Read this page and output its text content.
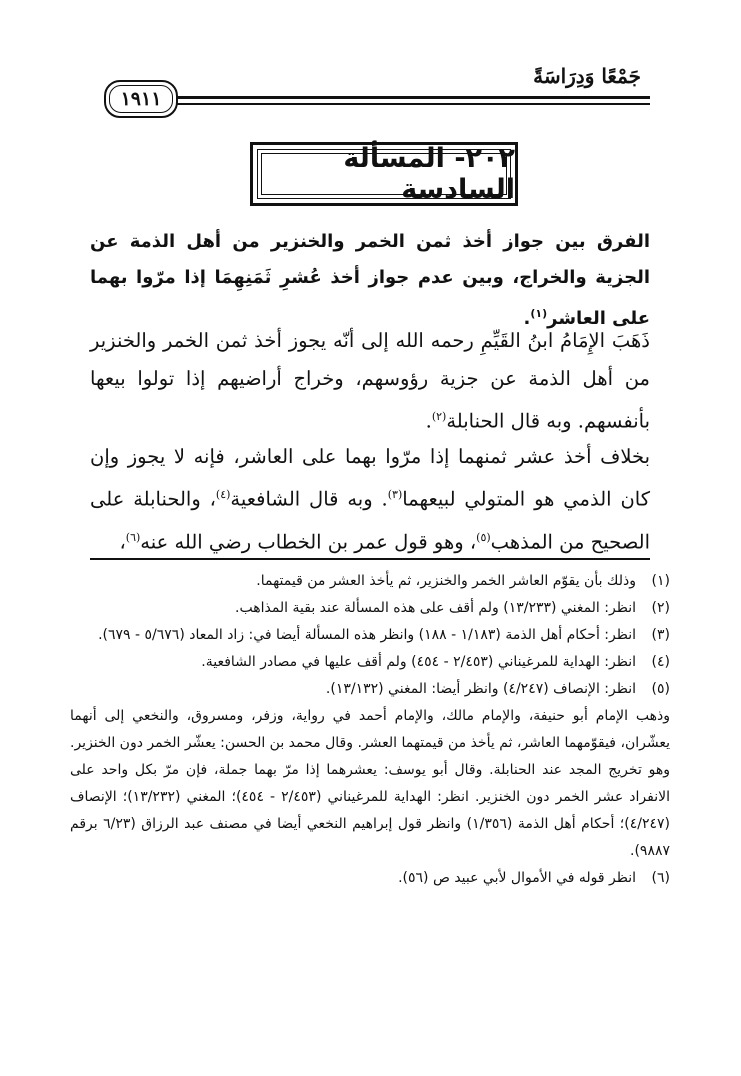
جَمْعًا وَدِرَاسَةً
١٩١١
٢٠٢- المسألة السادسة
الفرق بين جواز أخذ ثمن الخمر والخنزير من أهل الذمة عن الجزية والخراج، وبين عدم جواز أخذ عُشرِ ثَمَنِهِمَا إذا مرّوا بهما على العاشر$^{(١)}$.
ذَهَبَ الإِمَامُ ابنُ القَيِّمِ رحمه الله إلى أنّه يجوز أخذ ثمن الخمر والخنزير من أهل الذمة عن جزية رؤوسهم، وخراج أراضيهم إذا تولوا بيعها بأنفسهم. وبه قال الحنابلة$^{(٢)}$.
بخلاف أخذ عشر ثمنهما إذا مرّوا بهما على العاشر، فإنه لا يجوز وإن كان الذمي هو المتولي لبيعهما$^{(٣)}$. وبه قال الشافعية$^{(٤)}$، والحنابلة على الصحيح من المذهب$^{(٥)}$، وهو قول عمر بن الخطاب رضي الله عنه$^{(٦)}$،
(١)
وذلك بأن يقوّم العاشر الخمر والخنزير، ثم يأخذ العشر من قيمتهما.
(٢)
انظر: المغني (١٣/٢٣٣) ولم أقف على هذه المسألة عند بقية المذاهب.
(٣)
انظر: أحكام أهل الذمة (١/١٨٣ - ١٨٨) وانظر هذه المسألة أيضا في: زاد المعاد (٥/٦٧٦ - ٦٧٩).
(٤)
انظر: الهداية للمرغيناني (٢/٤٥٣ - ٤٥٤) ولم أقف عليها في مصادر الشافعية.
(٥)
انظر: الإنصاف (٤/٢٤٧) وانظر أيضا: المغني (١٣/١٣٢).
وذهب الإمام أبو حنيفة، والإمام مالك، والإمام أحمد في رواية، وزفر، ومسروق، والنخعي إلى أنهما يعشّران، فيقوّمهما العاشر، ثم يأخذ من قيمتهما العشر. وقال محمد بن الحسن: يعشّر الخمر دون الخنزير. وهو تخريج المجد عند الحنابلة. وقال أبو يوسف: يعشرهما إذا مرّ بهما جملة، فإن مرّ بكل واحد على الانفراد عشر الخمر دون الخنزير. انظر: الهداية للمرغيناني (٢/٤٥٣ - ٤٥٤)؛ المغني (١٣/٢٣٢)؛ الإنصاف (٤/٢٤٧)؛ أحكام أهل الذمة (١/٣٥٦) وانظر قول إبراهيم النخعي أيضا في مصنف عبد الرزاق (٦/٢٣ برقم ٩٨٨٧).
(٦)
انظر قوله في الأموال لأبي عبيد ص (٥٦).
